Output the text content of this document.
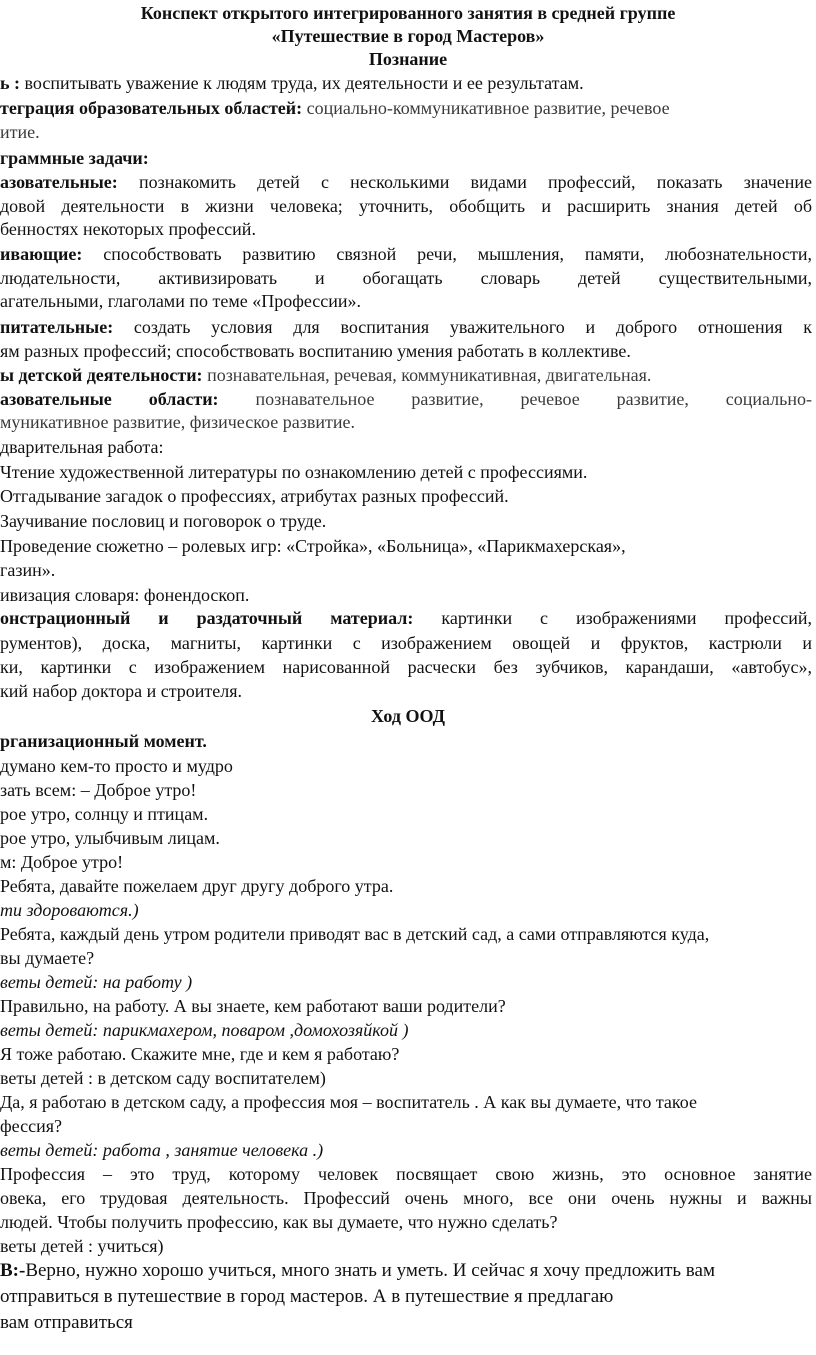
Конспект открытого интегрированного занятия в средней группе
«Путешествие в город Мастеров»
Познание
ь : воспитывать уважение к людям труда, их деятельности и ее результатам.
теграция образовательных областей: социально-коммуникативное развитие, речевое
итие.
граммные задачи:
азовательные: познакомить детей с несколькими видами профессий, показать значение
довой деятельности в жизни человека; уточнить, обобщить и расширить знания детей об
бенностях некоторых профессий.
ивающие: способствовать развитию связной речи, мышления, памяти, любознательности,
людательности, активизировать и обогащать словарь детей существительными,
агательными, глаголами по теме «Профессии».
питательные: создать условия для воспитания уважительного и доброго отношения к
ям разных профессий; способствовать воспитанию умения работать в коллективе.
ы детской деятельности: познавательная, речевая, коммуникативная, двигательная.
азовательные области: познавательное развитие, речевое развитие, социально-
муникативное развитие, физическое развитие.
дварительная работа:
Чтение художественной литературы по ознакомлению детей с профессиями.
Отгадывание загадок о профессиях, атрибутах разных профессий.
Заучивание пословиц и поговорок о труде.
Проведение сюжетно – ролевых игр: «Стройка», «Больница», «Парикмахерская»,
газин».
ивизация словаря: фонендоскоп.
онстрационный и раздаточный материал: картинки с изображениями профессий,
рументов), доска, магниты, картинки с изображением овощей и фруктов, кастрюли и
ки, картинки с изображением нарисованной расчески без зубчиков, карандаши, «автобус»,
кий набор доктора и строителя.
Ход ООД
рганизационный момент.
думано кем-то просто и мудро
зать всем: – Доброе утро!
рое утро, солнцу и птицам.
рое утро, улыбчивым лицам.
м: Доброе утро!
Ребята, давайте пожелаем друг другу доброго утра.
ти здороваются.)
Ребята, каждый день утром родители приводят вас в детский сад, а сами отправляются куда,
вы думаете?
веты детей: на работу )
Правильно, на работу. А вы знаете, кем работают ваши родители?
веты детей: парикмахером, поваром ,домохозяйкой )
Я тоже работаю. Скажите мне, где и кем я работаю?
веты детей : в детском саду воспитателем)
Да, я работаю в детском саду, а профессия моя – воспитатель . А как вы думаете, что такое
фессия?
веты детей: работа , занятие человека .)
Профессия – это труд, которому человек посвящает свою жизнь, это основное занятие
овека, его трудовая деятельность. Профессий очень много, все они очень нужны и важны
людей. Чтобы получить профессию, как вы думаете, что нужно сделать?
веты детей : учиться)
В:-Верно, нужно хорошо учиться, много знать и уметь. И сейчас я хочу предложить вам
отправиться в путешествие в город мастеров. А в путешествие я предлагаю
вам отправиться
